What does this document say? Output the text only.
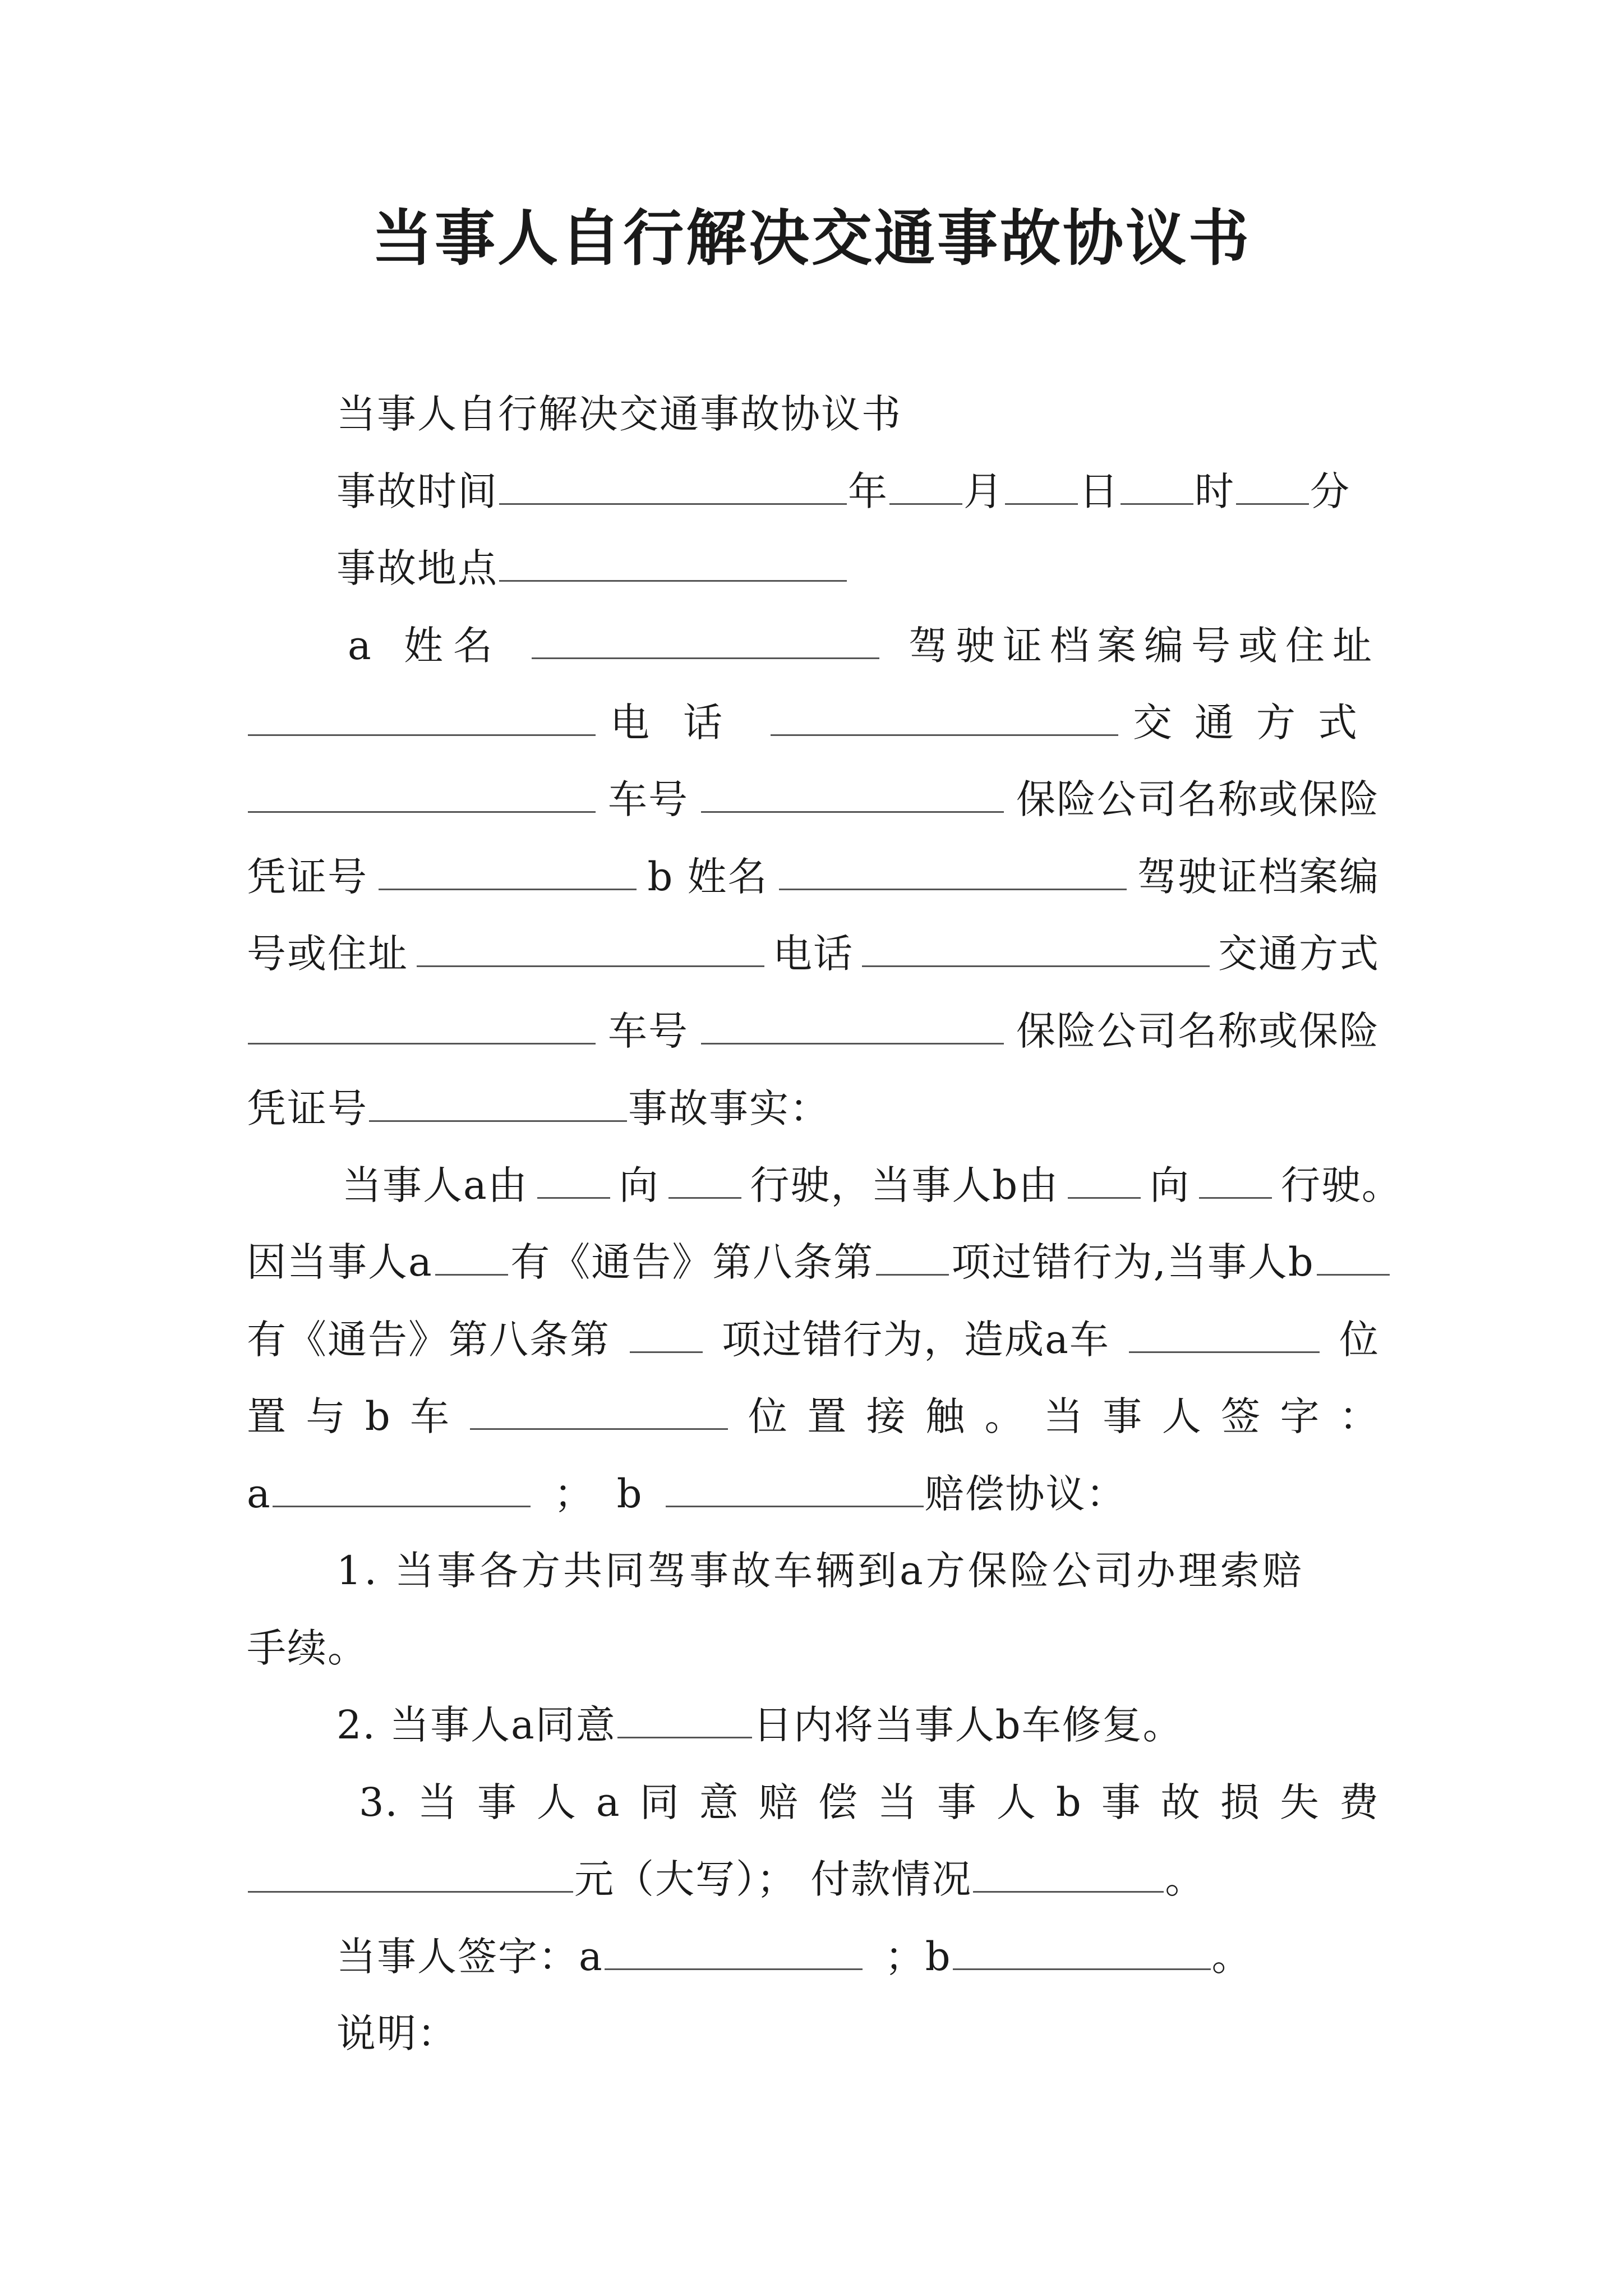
当事人自行解决交通事故协议书
当事人自行解决交通事故协议书
事故时间	年 月 日 时 分
事故地点
a 姓名	驾驶证档案编号或住址
电话	交通方式
车号	保险公司名称或保险
凭证号	b 姓名	驾驶证档案编
号或住址	电话	交通方式
车号	保险公司名称或保险
凭证号	事故事实：
当事人a由 向 行驶，当事人b由 向 行驶。
因当事人a 有《通告》第八条第 项过错行为,当事人b
有《通告》第八条第	项过错行为，造成a车	位
置 与 b 车	位 置 接 触 。 当 事 人 签 字 ：
a	； b	赔偿协议：
1. 当事各方共同驾事故车辆到a方保险公司办理索赔
手续。
2. 当事人a同意	日内将当事人b车修复。
3. 当 事 人 a 同 意 赔 偿 当 事 人 b 事 故 损 失 费
元（大写）； 付款情况	。
当事人签字：a	；b	。
说明：
